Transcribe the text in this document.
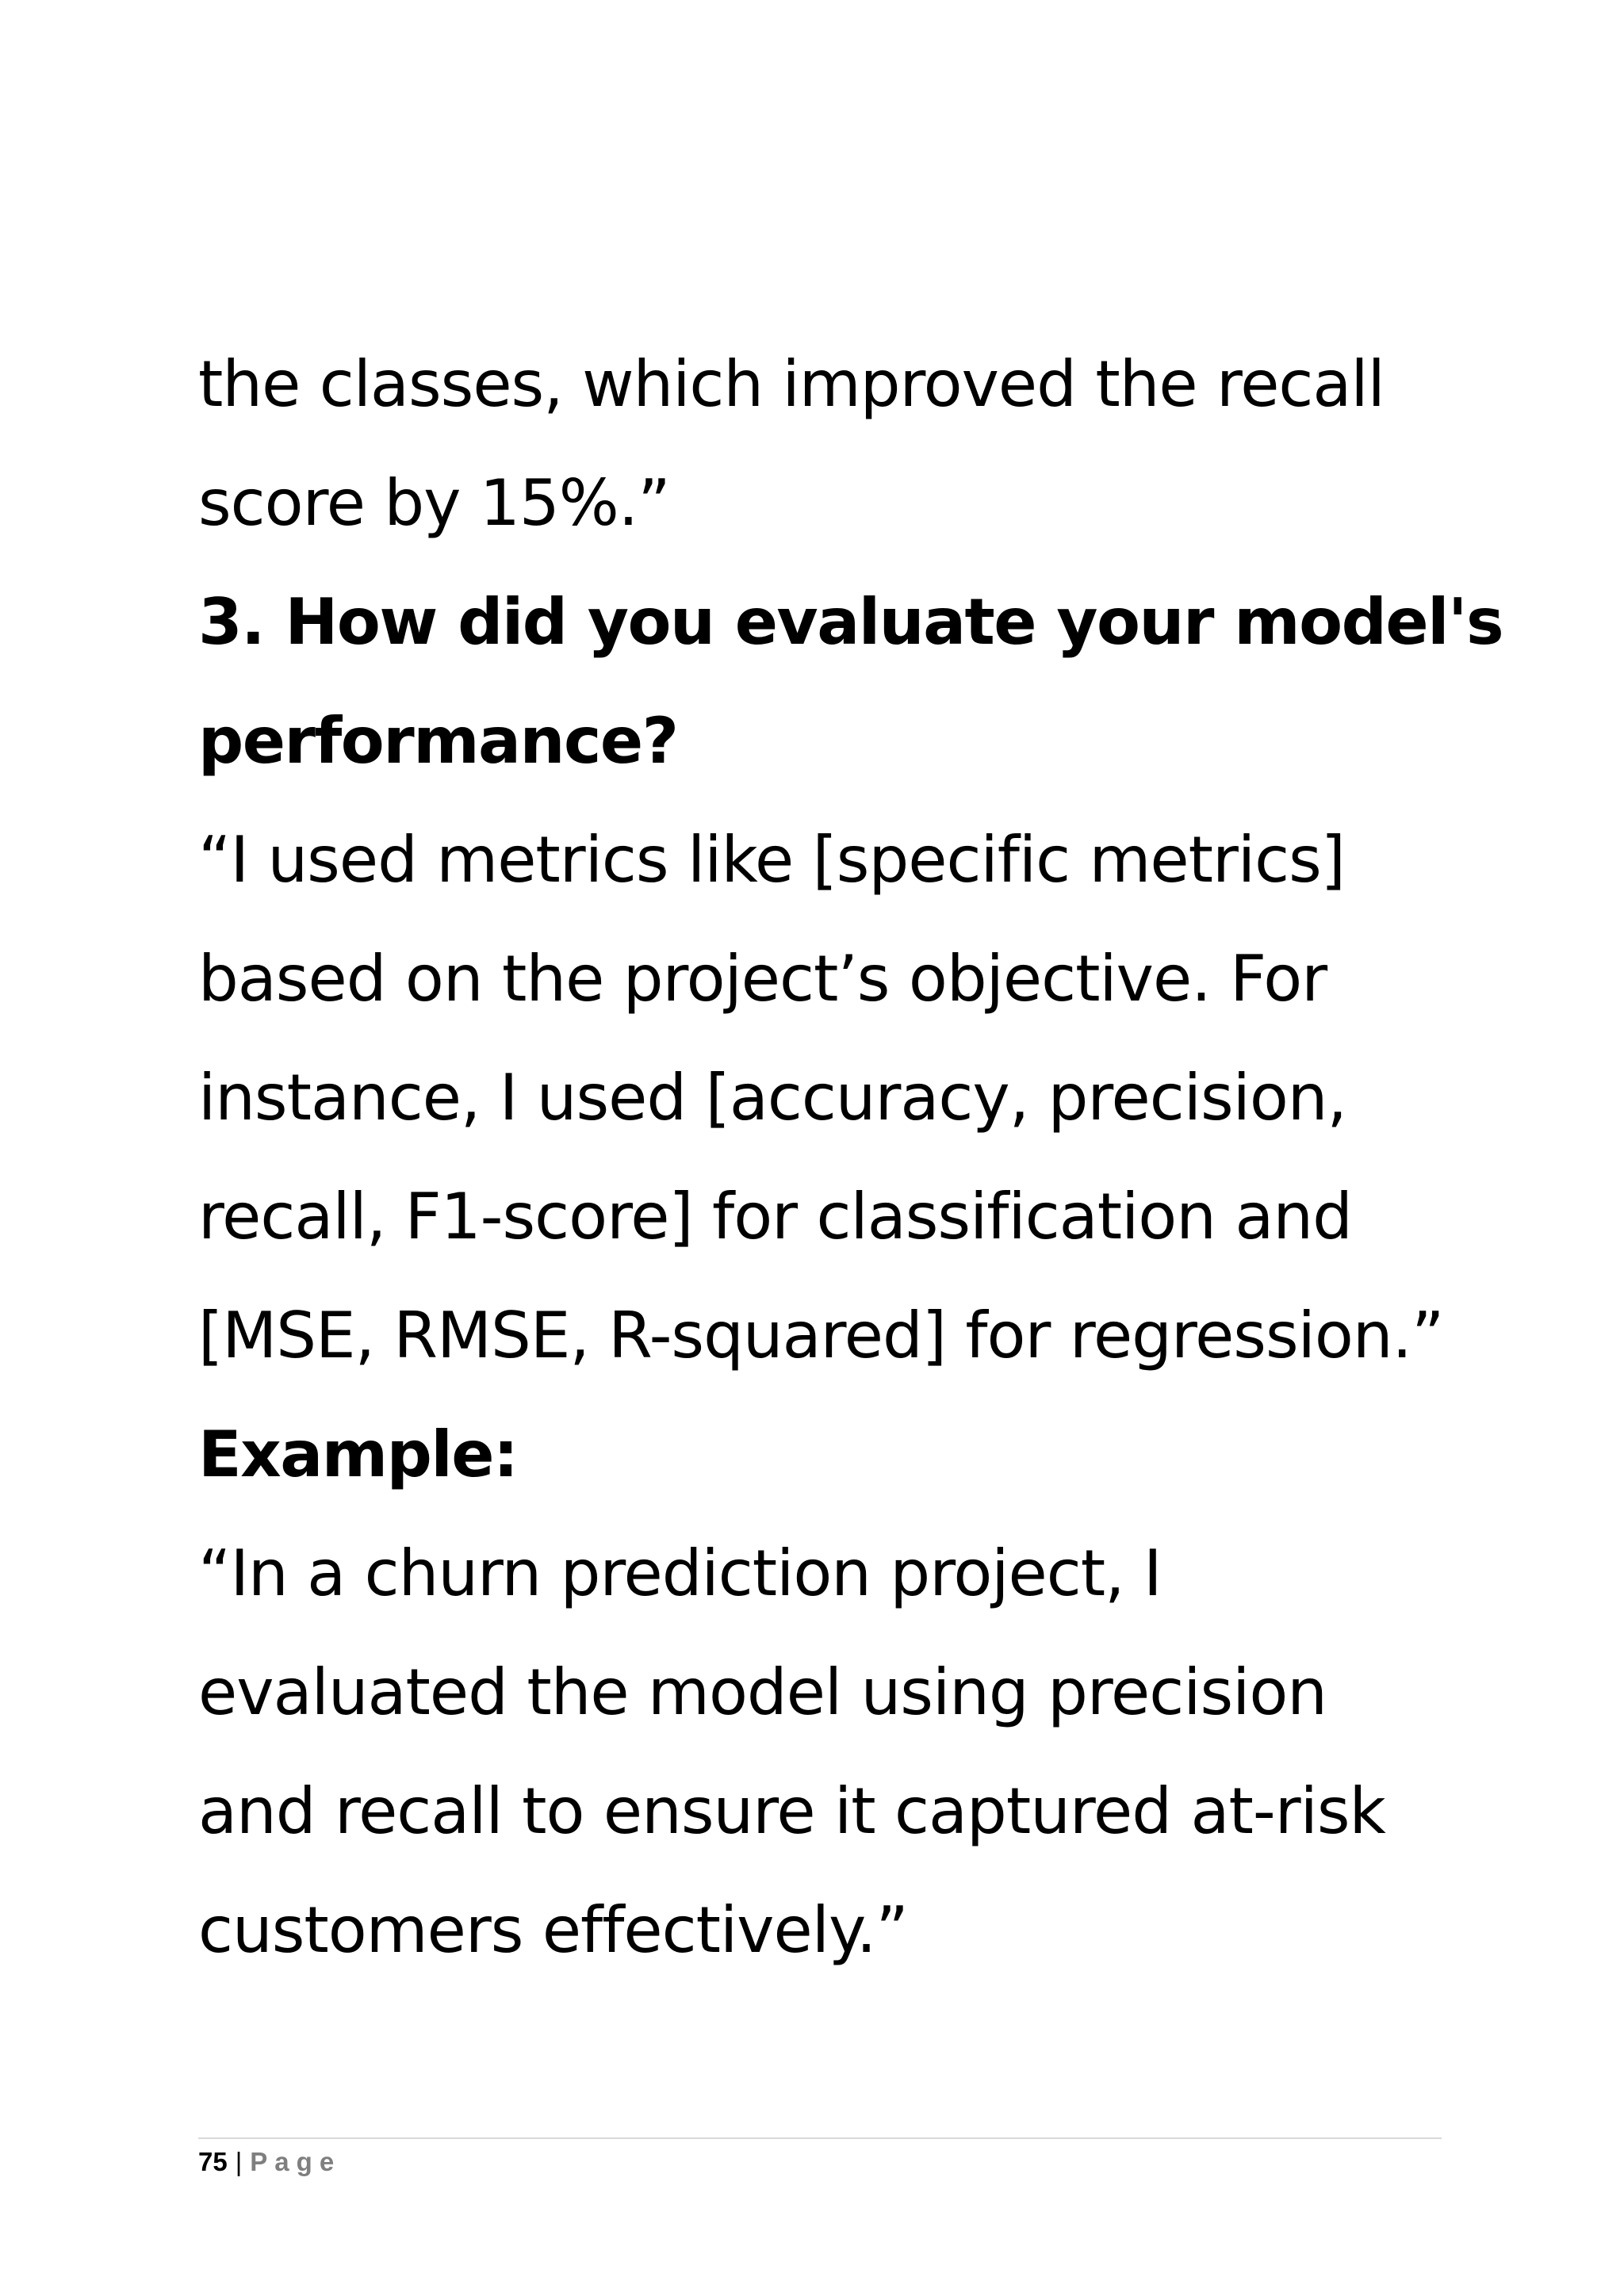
the classes, which improved the recall
score by 15%.”
3. How did you evaluate your model's
performance?
“I used metrics like [specific metrics]
based on the project’s objective. For
instance, I used [accuracy, precision,
recall, F1-score] for classification and
[MSE, RMSE, R-squared] for regression.”
Example:
“In a churn prediction project, I
evaluated the model using precision
and recall to ensure it captured at-risk
customers effectively.”
75 | Page
